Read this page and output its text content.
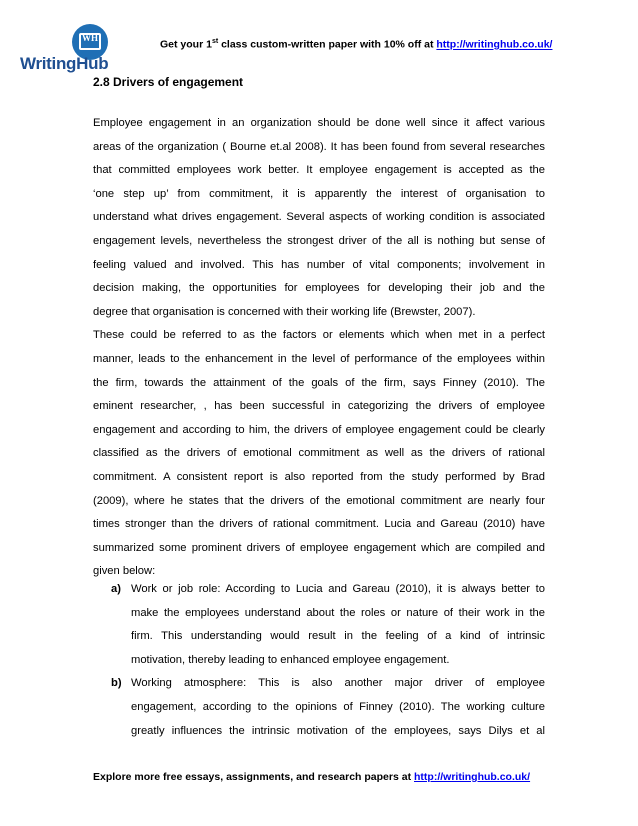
WH
WritingHub
Get your 1st class custom-written paper with 10% off at http://writinghub.co.uk/
2.8 Drivers of engagement
Employee engagement in an organization should be done well since it affect various
areas of the organization ( Bourne et.al 2008). It has been found from several researches
that committed employees work better. It employee engagement is accepted as the
‘one step up’ from commitment, it is apparently the interest of organisation to
understand what drives engagement. Several aspects of working condition is associated
engagement levels, nevertheless the strongest driver of the all is nothing but sense of
feeling valued and involved. This has number of vital components; involvement in
decision making, the opportunities for employees for developing their job and the
degree that organisation is concerned with their working life (Brewster, 2007).
These could be referred to as the factors or elements which when met in a perfect
manner, leads to the enhancement in the level of performance of the employees within
the firm, towards the attainment of the goals of the firm, says Finney (2010). The
eminent researcher, , has been successful in categorizing the drivers of employee
engagement and according to him, the drivers of employee engagement could be clearly
classified as the drivers of emotional commitment as well as the drivers of rational
commitment. A consistent report is also reported from the study performed by Brad
(2009), where he states that the drivers of the emotional commitment are nearly four
times stronger than the drivers of rational commitment. Lucia and Gareau (2010) have
summarized some prominent drivers of employee engagement which are compiled and
given below:
a) Work or job role: According to Lucia and Gareau (2010), it is always better to
make the employees understand about the roles or nature of their work in the
firm. This understanding would result in the feeling of a kind of intrinsic
motivation, thereby leading to enhanced employee engagement.
b) Working atmosphere: This is also another major driver of employee
engagement, according to the opinions of Finney (2010). The working culture
greatly influences the intrinsic motivation of the employees, says Dilys et al
Explore more free essays, assignments, and research papers at http://writinghub.co.uk/
